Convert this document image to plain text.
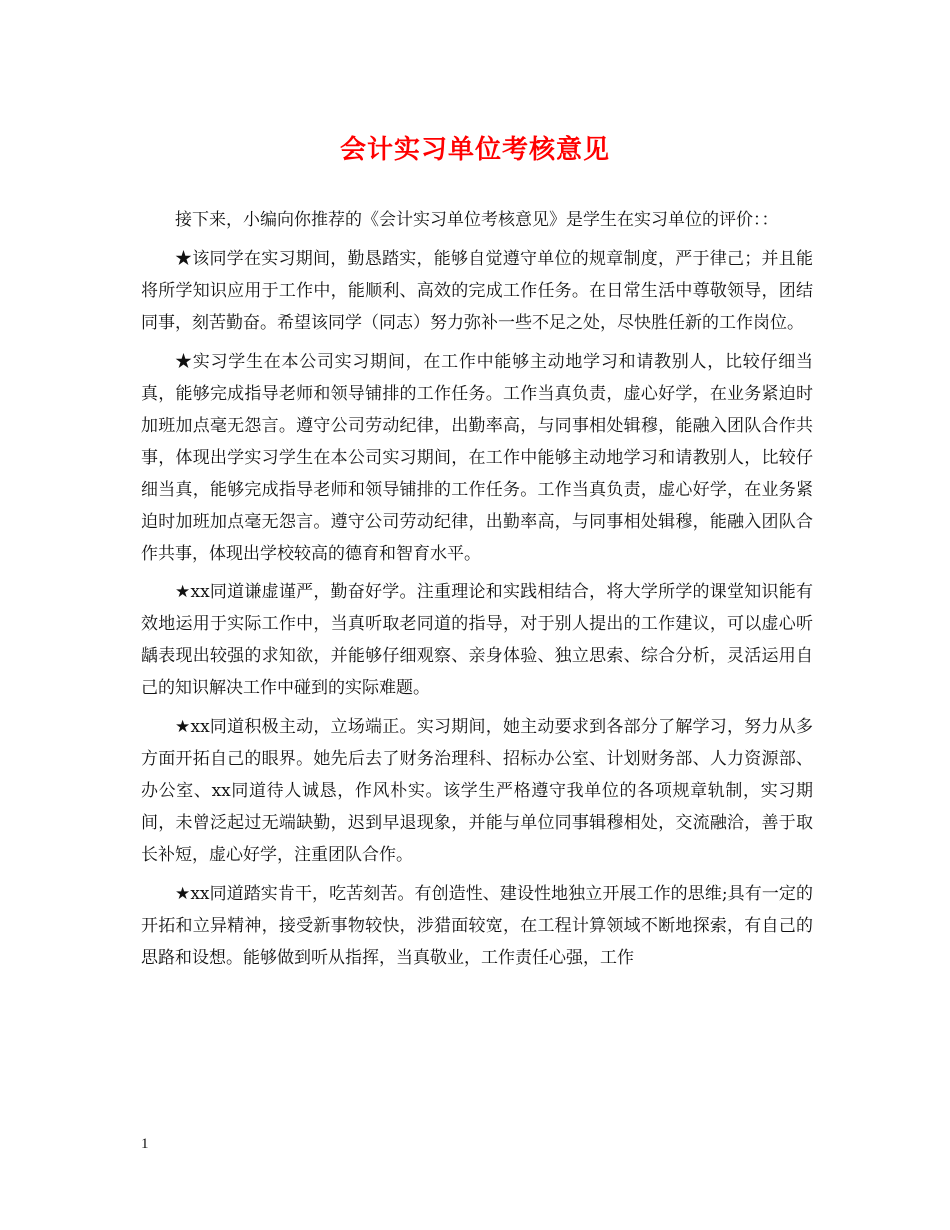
会计实习单位考核意见

接下来，小编向你推荐的《会计实习单位考核意见》是学生在实习单位的评价：：

★该同学在实习期间，勤恳踏实，能够自觉遵守单位的规章制度，严于律己；并且能将所学知识应用于工作中，能顺利、高效的完成工作任务。在日常生活中尊敬领导，团结同事，刻苦勤奋。希望该同学（同志）努力弥补一些不足之处，尽快胜任新的工作岗位。

★实习学生在本公司实习期间，在工作中能够主动地学习和请教别人，比较仔细当真，能够完成指导老师和领导铺排的工作任务。工作当真负责，虚心好学，在业务紧迫时加班加点毫无怨言。遵守公司劳动纪律，出勤率高，与同事相处辑穆，能融入团队合作共事，体现出学实习学生在本公司实习期间，在工作中能够主动地学习和请教别人，比较仔细当真，能够完成指导老师和领导铺排的工作任务。工作当真负责，虚心好学，在业务紧迫时加班加点毫无怨言。遵守公司劳动纪律，出勤率高，与同事相处辑穆，能融入团队合作共事，体现出学校较高的德育和智育水平。

★xx同道谦虚谨严，勤奋好学。注重理论和实践相结合，将大学所学的课堂知识能有效地运用于实际工作中，当真听取老同道的指导，对于别人提出的工作建议，可以虚心听龋表现出较强的求知欲，并能够仔细观察、亲身体验、独立思索、综合分析，灵活运用自己的知识解决工作中碰到的实际难题。

★xx同道积极主动，立场端正。实习期间，她主动要求到各部分了解学习，努力从多方面开拓自己的眼界。她先后去了财务治理科、招标办公室、计划财务部、人力资源部、办公室、xx同道待人诚恳，作风朴实。该学生严格遵守我单位的各项规章轨制，实习期间，未曾泛起过无端缺勤，迟到早退现象，并能与单位同事辑穆相处，交流融洽，善于取长补短，虚心好学，注重团队合作。

★xx同道踏实肯干，吃苦刻苦。有创造性、建设性地独立开展工作的思维;具有一定的开拓和立异精神，接受新事物较快，涉猎面较宽，在工程计算领域不断地探索，有自己的思路和设想。能够做到听从指挥，当真敬业，工作责任心强，工作

1
